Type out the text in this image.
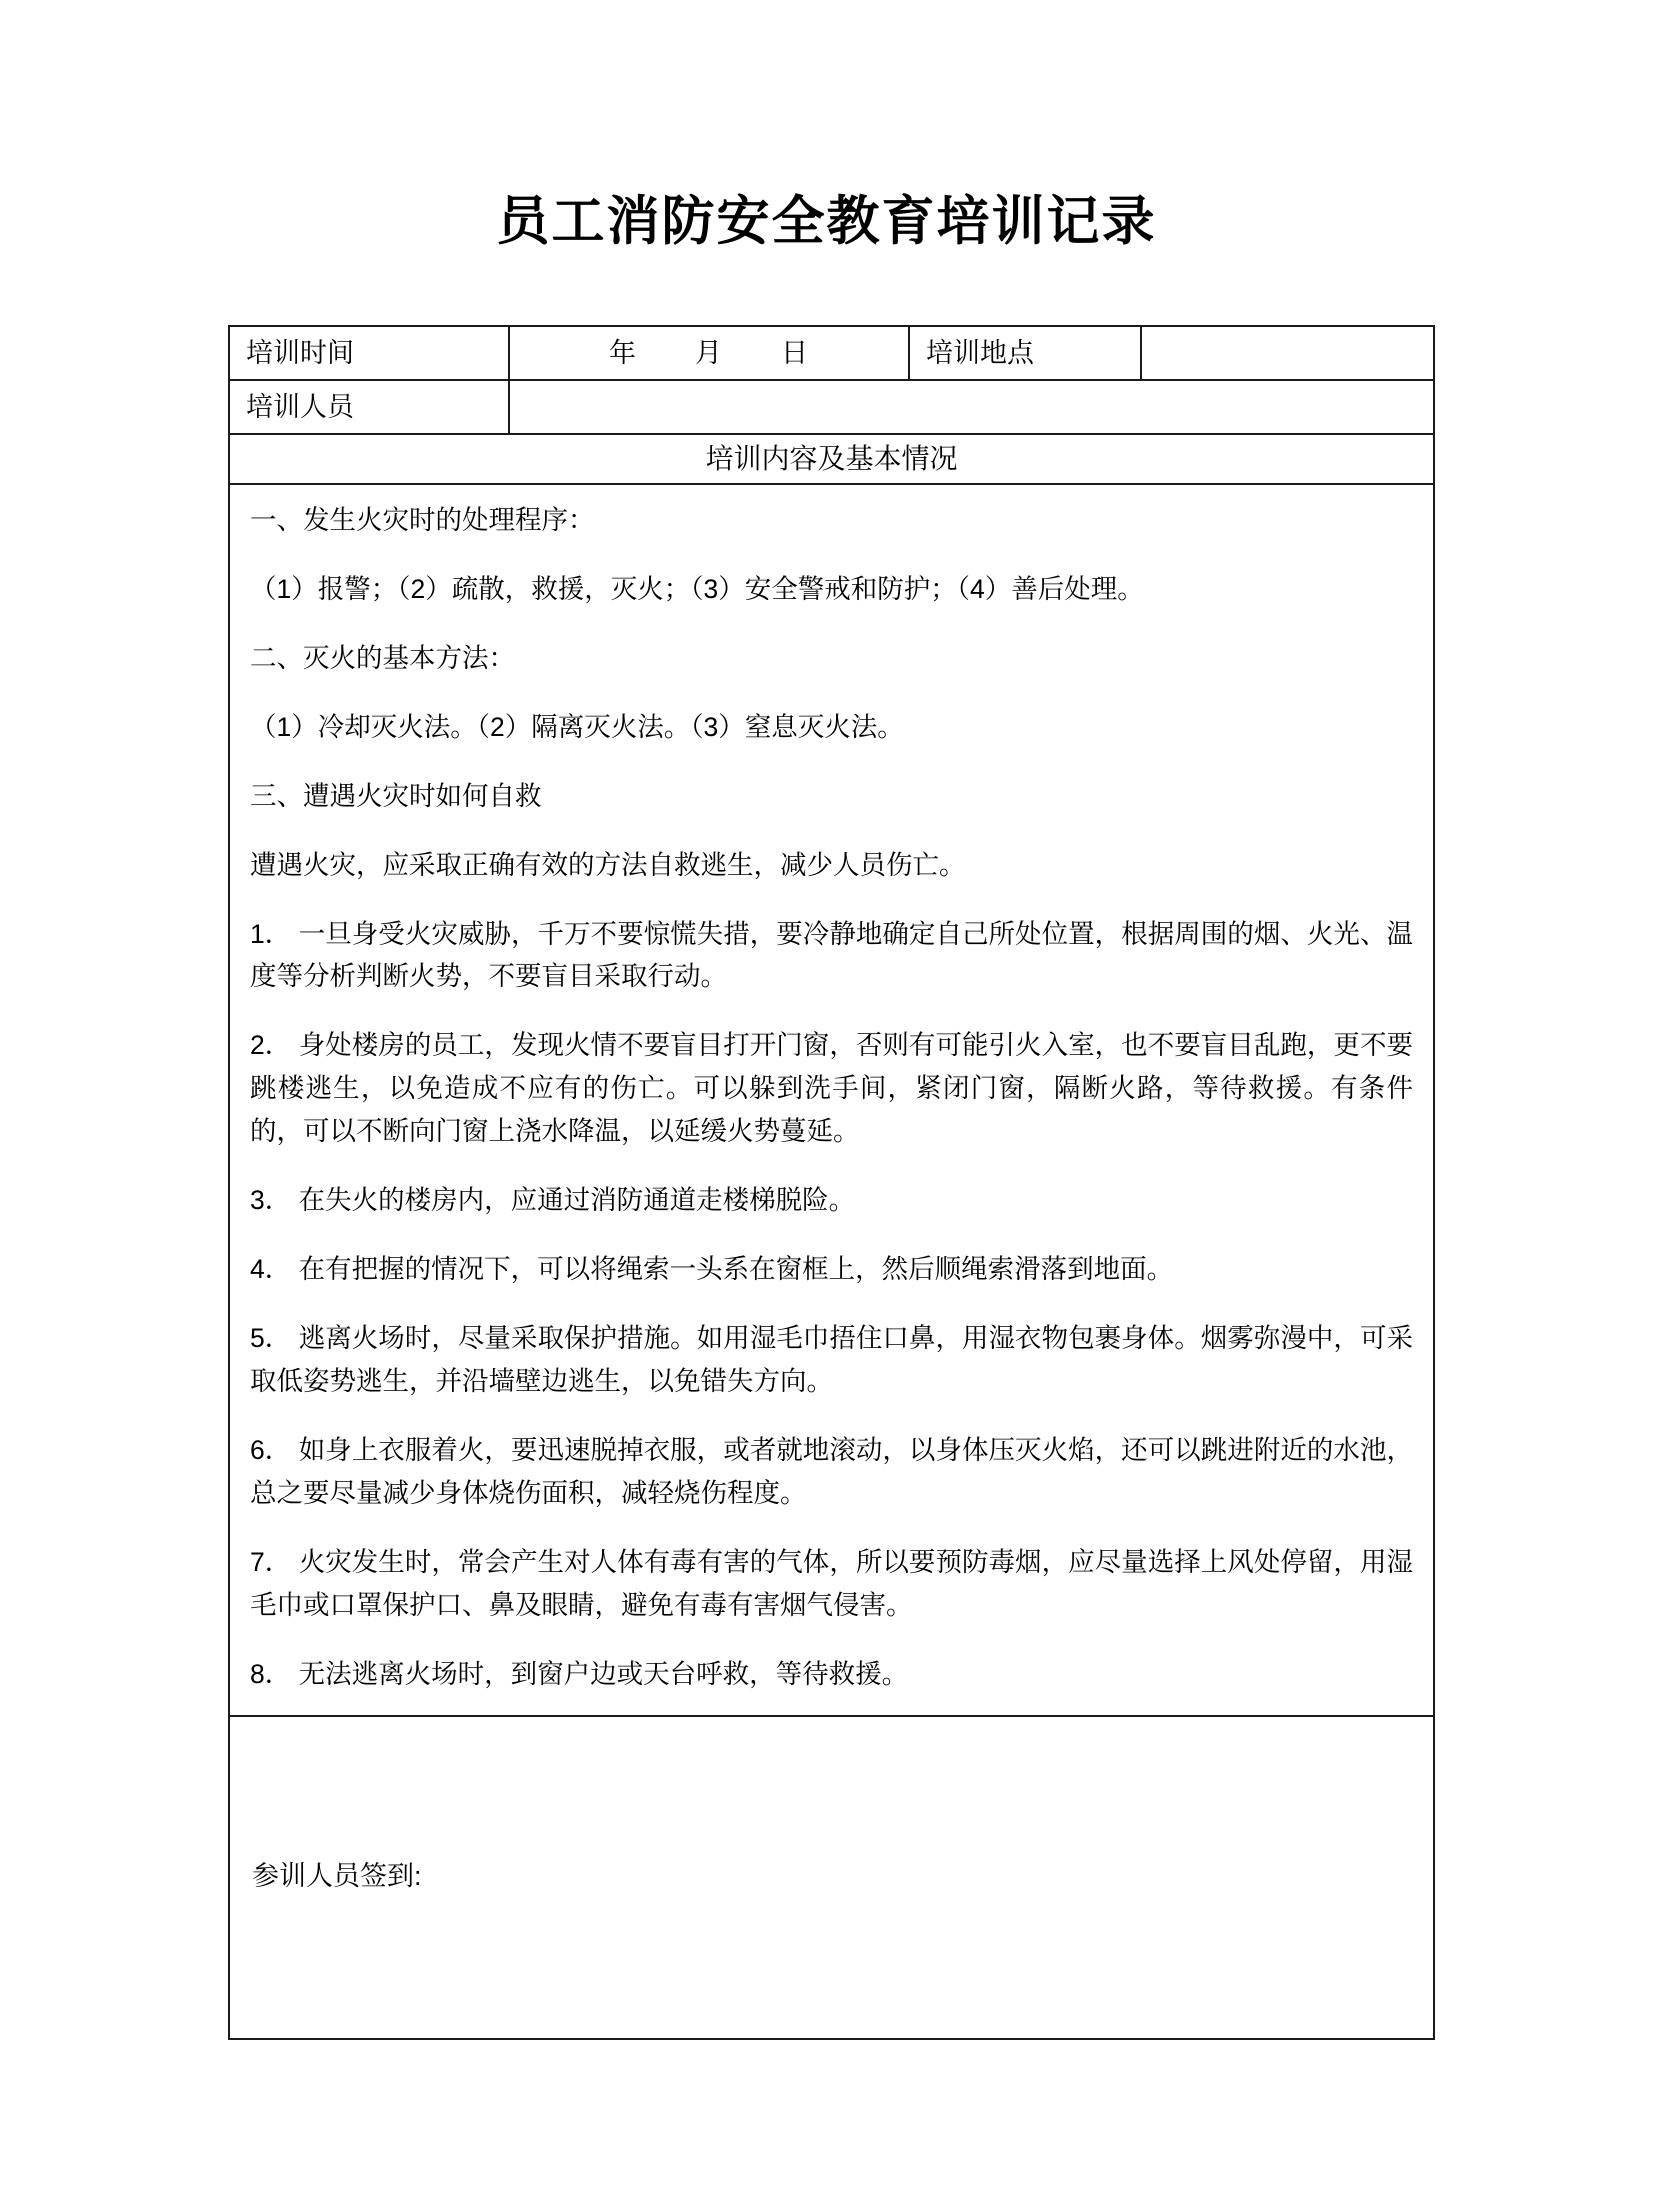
员工消防安全教育培训记录
培训时间	年 月 日	培训地点	
培训人员			
培训内容及基本情况			

一、发生火灾时的处理程序：

（1）报警；（2）疏散，救援，灭火；（3）安全警戒和防护；（4）善后处理。

二、灭火的基本方法：

（1）冷却灭火法。（2）隔离灭火法。（3）窒息灭火法。

三、遭遇火灾时如何自救

遭遇火灾，应采取正确有效的方法自救逃生，减少人员伤亡。

1． 一旦身受火灾威胁，千万不要惊慌失措，要冷静地确定自己所处位置，根据周围的烟、火光、温度等分析判断火势，不要盲目采取行动。

2． 身处楼房的员工，发现火情不要盲目打开门窗，否则有可能引火入室，也不要盲目乱跑，更不要跳楼逃生，以免造成不应有的伤亡。可以躲到洗手间，紧闭门窗，隔断火路，等待救援。有条件的，可以不断向门窗上浇水降温，以延缓火势蔓延。

3． 在失火的楼房内，应通过消防通道走楼梯脱险。

4． 在有把握的情况下，可以将绳索一头系在窗框上，然后顺绳索滑落到地面。

5． 逃离火场时，尽量采取保护措施。如用湿毛巾捂住口鼻，用湿衣物包裹身体。烟雾弥漫中，可采取低姿势逃生，并沿墙壁边逃生，以免错失方向。

6． 如身上衣服着火，要迅速脱掉衣服，或者就地滚动，以身体压灭火焰，还可以跳进附近的水池，总之要尽量减少身体烧伤面积，减轻烧伤程度。

7． 火灾发生时，常会产生对人体有毒有害的气体，所以要预防毒烟，应尽量选择上风处停留，用湿毛巾或口罩保护口、鼻及眼睛，避免有毒有害烟气侵害。

8． 无法逃离火场时，到窗户边或天台呼救，等待救援。

参训人员签到:			
